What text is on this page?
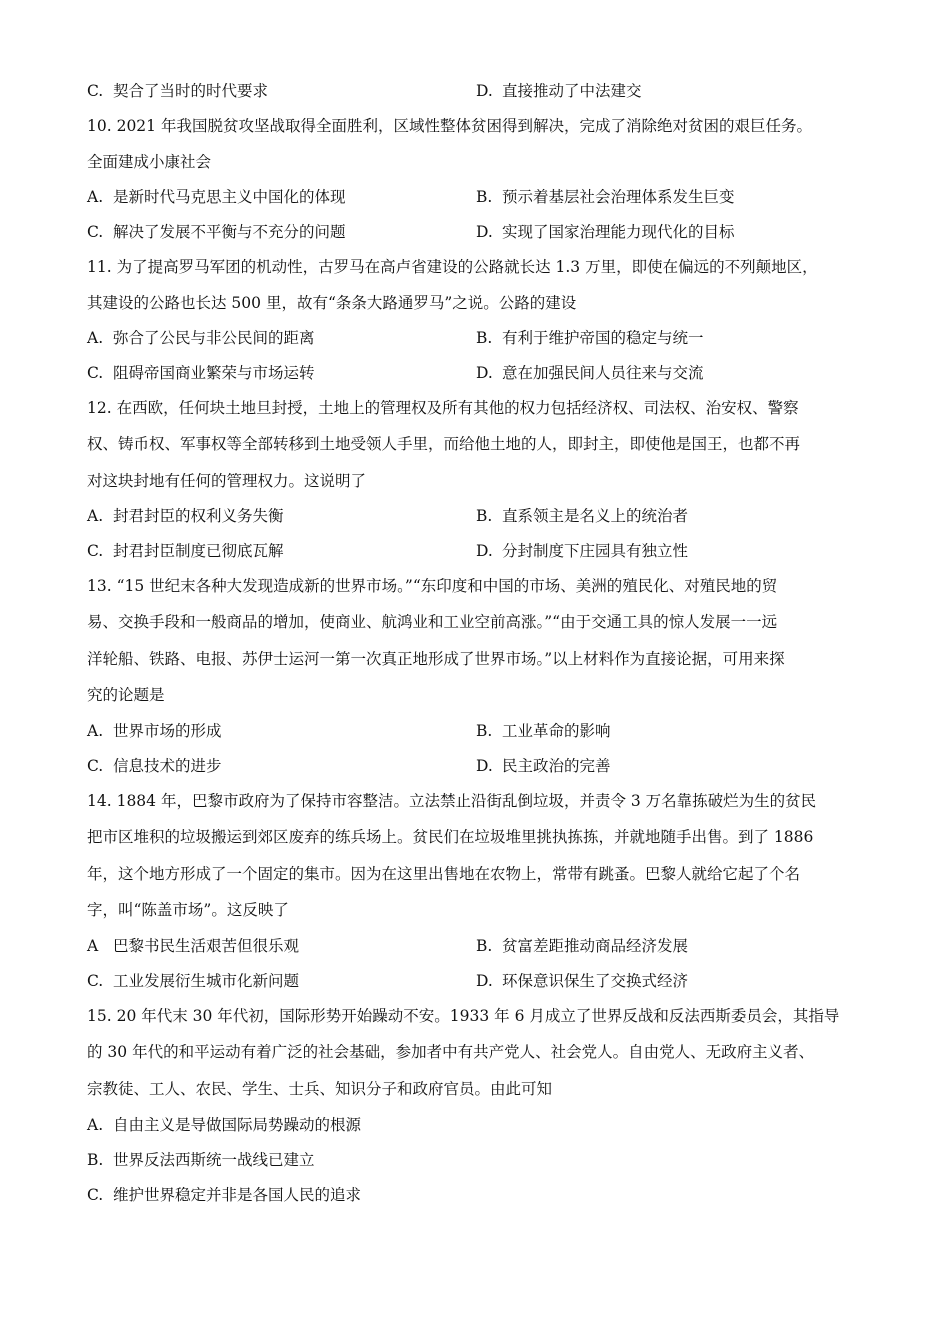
C. 契合了当时的时代要求	D. 直接推动了中法建交
10. 2021 年我国脱贫攻坚战取得全面胜利，区域性整体贫困得到解决，完成了消除绝对贫困的艰巨任务。
全面建成小康社会
A. 是新时代马克思主义中国化的体现	B. 预示着基层社会治理体系发生巨变
C. 解决了发展不平衡与不充分的问题	D. 实现了国家治理能力现代化的目标
11. 为了提高罗马军团的机动性，古罗马在高卢省建设的公路就长达 1.3 万里，即使在偏远的不列颠地区，
其建设的公路也长达 500 里，故有“条条大路通罗马”之说。公路的建设
A. 弥合了公民与非公民间的距离	B. 有利于维护帝国的稳定与统一
C. 阻碍帝国商业繁荣与市场运转	D. 意在加强民间人员往来与交流
12. 在西欧，任何块土地旦封授，土地上的管理权及所有其他的权力包括经济权、司法权、治安权、警察
权、铸币权、军事权等全部转移到土地受领人手里，而给他土地的人，即封主，即使他是国王，也都不再
对这块封地有任何的管理权力。这说明了
A. 封君封臣的权利义务失衡	B. 直系领主是名义上的统治者
C. 封君封臣制度已彻底瓦解	D. 分封制度下庄园具有独立性
13. “15 世纪末各种大发现造成新的世界市场。”“东印度和中国的市场、美洲的殖民化、对殖民地的贸
易、交换手段和一般商品的增加，使商业、航鸿业和工业空前高涨。”“由于交通工具的惊人发展一一远
洋轮船、铁路、电报、苏伊士运河一第一次真正地形成了世界市场。”以上材料作为直接论据，可用来探
究的论题是
A. 世界市场的形成	B. 工业革命的影响
C. 信息技术的进步	D. 民主政治的完善
14. 1884 年，巴黎市政府为了保持市容整洁。立法禁止沿街乱倒垃圾，并责令 3 万名靠拣破烂为生的贫民
把市区堆积的垃圾搬运到郊区废弃的练兵场上。贫民们在垃圾堆里挑执拣拣，并就地随手出售。到了 1886
年，这个地方形成了一个固定的集市。因为在这里出售地在农物上，常带有跳蚤。巴黎人就给它起了个名
字，叫“陈盖市场”。这反映了
A 巴黎书民生活艰苦但很乐观	B. 贫富差距推动商品经济发展
C. 工业发展衍生城市化新问题	D. 环保意识保生了交换式经济
15. 20 年代末 30 年代初，国际形势开始躁动不安。1933 年 6 月成立了世界反战和反法西斯委员会，其指导
的 30 年代的和平运动有着广泛的社会基础，参加者中有共产党人、社会党人。自由党人、无政府主义者、
宗教徒、工人、农民、学生、士兵、知识分子和政府官员。由此可知
A. 自由主义是导做国际局势躁动的根源
B. 世界反法西斯统一战线已建立
C. 维护世界稳定并非是各国人民的追求
